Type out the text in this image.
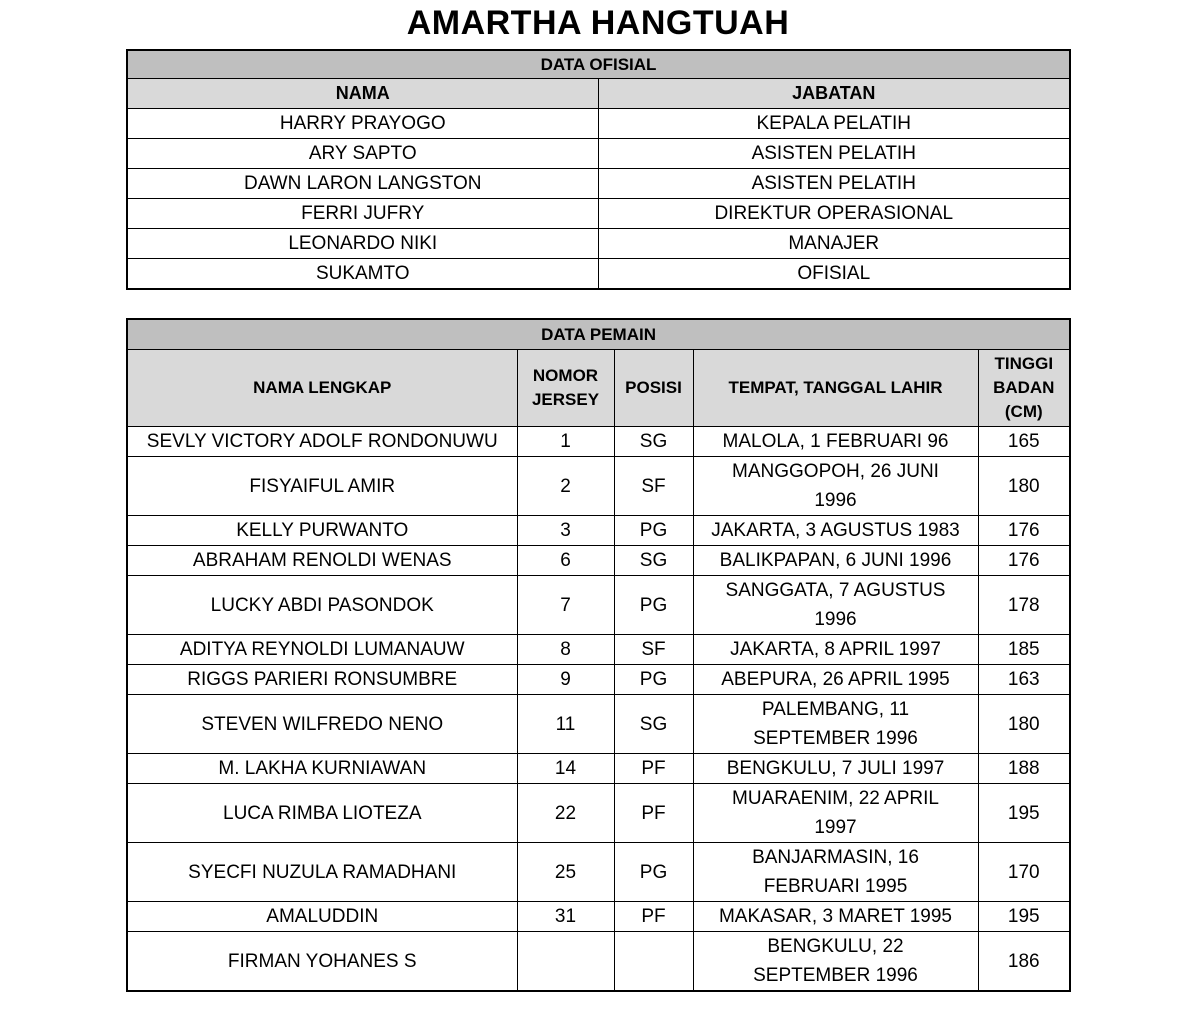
AMARTHA HANGTUAH
DATA OFISIAL	
NAMA	JABATAN
HARRY PRAYOGO	KEPALA PELATIH
ARY SAPTO	ASISTEN PELATIH
DAWN LARON LANGSTON	ASISTEN PELATIH
FERRI JUFRY	DIREKTUR OPERASIONAL
LEONARDO NIKI	MANAJER
SUKAMTO	OFISIAL
DATA PEMAIN				
NAMA LENGKAP	NOMOR JERSEY	POSISI	TEMPAT, TANGGAL LAHIR	TINGGI BADAN (CM)
SEVLY VICTORY ADOLF RONDONUWU	1	SG	MALOLA, 1 FEBRUARI 96	165
FISYAIFUL AMIR	2	SF	MANGGOPOH, 26 JUNI 1996	180
KELLY PURWANTO	3	PG	JAKARTA, 3 AGUSTUS 1983	176
ABRAHAM RENOLDI WENAS	6	SG	BALIKPAPAN, 6 JUNI 1996	176
LUCKY ABDI PASONDOK	7	PG	SANGGATA, 7 AGUSTUS 1996	178
ADITYA REYNOLDI LUMANAUW	8	SF	JAKARTA, 8 APRIL 1997	185
RIGGS PARIERI RONSUMBRE	9	PG	ABEPURA, 26 APRIL 1995	163
STEVEN WILFREDO NENO	11	SG	PALEMBANG, 11 SEPTEMBER 1996	180
M. LAKHA KURNIAWAN	14	PF	BENGKULU, 7 JULI 1997	188
LUCA RIMBA LIOTEZA	22	PF	MUARAENIM, 22 APRIL 1997	195
SYECFI NUZULA RAMADHANI	25	PG	BANJARMASIN, 16 FEBRUARI 1995	170
AMALUDDIN	31	PF	MAKASAR, 3 MARET 1995	195
FIRMAN YOHANES S			BENGKULU, 22 SEPTEMBER 1996	186
